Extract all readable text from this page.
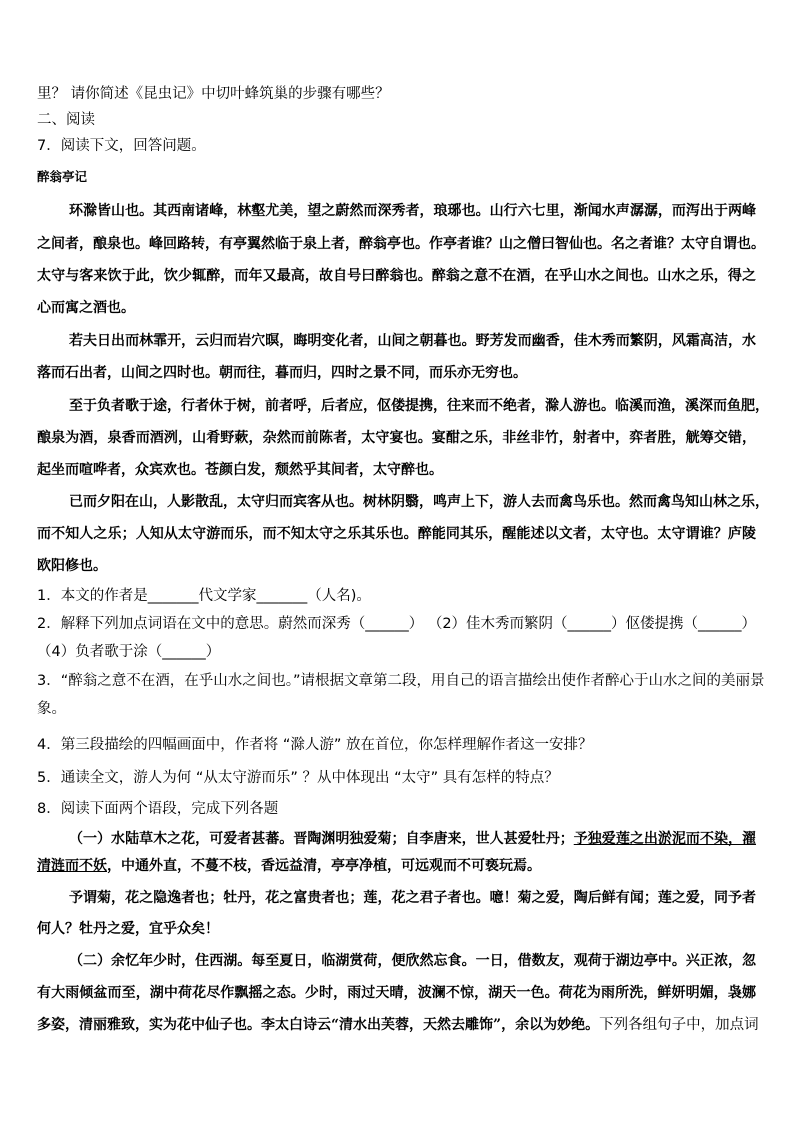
里？ 请你简述《昆虫记》中切叶蜂筑巢的步骤有哪些？
二、阅读
7．阅读下文，回答问题。
醉翁亭记
环滁皆山也。其西南诸峰，林壑尤美，望之蔚然而深秀者，琅琊也。山行六七里，渐闻水声潺潺，而泻出于两峰
之间者，酿泉也。峰回路转，有亭翼然临于泉上者，醉翁亭也。作亭者谁？山之僧曰智仙也。名之者谁？太守自谓也。
太守与客来饮于此，饮少辄醉，而年又最高，故自号曰醉翁也。醉翁之意不在酒，在乎山水之间也。山水之乐，得之
心而寓之酒也。
若夫日出而林霏开，云归而岩穴暝，晦明变化者，山间之朝暮也。野芳发而幽香，佳木秀而繁阴，风霜高洁，水
落而石出者，山间之四时也。朝而往，暮而归，四时之景不同，而乐亦无穷也。
至于负者歌于途，行者休于树，前者呼，后者应，伛偻提携，往来而不绝者，滁人游也。临溪而渔，溪深而鱼肥，
酿泉为酒，泉香而酒洌，山肴野蔌，杂然而前陈者，太守宴也。宴酣之乐，非丝非竹，射者中，弈者胜，觥筹交错，
起坐而喧哗者，众宾欢也。苍颜白发，颓然乎其间者，太守醉也。
已而夕阳在山，人影散乱，太守归而宾客从也。树林阴翳，鸣声上下，游人去而禽鸟乐也。然而禽鸟知山林之乐，
而不知人之乐；人知从太守游而乐，而不知太守之乐其乐也。醉能同其乐，醒能述以文者，太守也。太守谓谁？庐陵
欧阳修也。
1．本文的作者是_______代文学家_______（人名)。
2．解释下列加点词语在文中的意思。蔚然而深秀（______） （2）佳木秀而繁阴（______）伛偻提携（______）
（4）负者歌于涂（______）
3．“醉翁之意不在酒，在乎山水之间也。”请根据文章第二段，用自己的语言描绘出使作者醉心于山水之间的美丽景
象。
4．第三段描绘的四幅画面中，作者将 “滁人游” 放在首位，你怎样理解作者这一安排？
5．通读全文，游人为何 “从太守游而乐” ？从中体现出 “太守” 具有怎样的特点？
8．阅读下面两个语段，完成下列各题
（一）水陆草木之花，可爱者甚蕃。晋陶渊明独爱菊；自李唐来，世人甚爱牡丹；予独爱莲之出淤泥而不染，濯
清涟而不妖，中通外直，不蔓不枝，香远益清，亭亭净植，可远观而不可亵玩焉。
予谓菊，花之隐逸者也；牡丹，花之富贵者也；莲，花之君子者也。噫！菊之爱，陶后鲜有闻；莲之爱，同予者
何人？牡丹之爱，宜乎众矣！
（二）余忆年少时，住西湖。每至夏日，临湖赏荷，便欣然忘食。一日，借数友，观荷于湖边亭中。兴正浓，忽
有大雨倾盆而至，湖中荷花尽作飘摇之态。少时，雨过天晴，波澜不惊，湖天一色。荷花为雨所洗，鲜妍明媚，袅娜
多姿，清丽雅致，实为花中仙子也。李太白诗云“清水出芙蓉，天然去雕饰”，余以为妙绝。下列各组句子中，加点词
